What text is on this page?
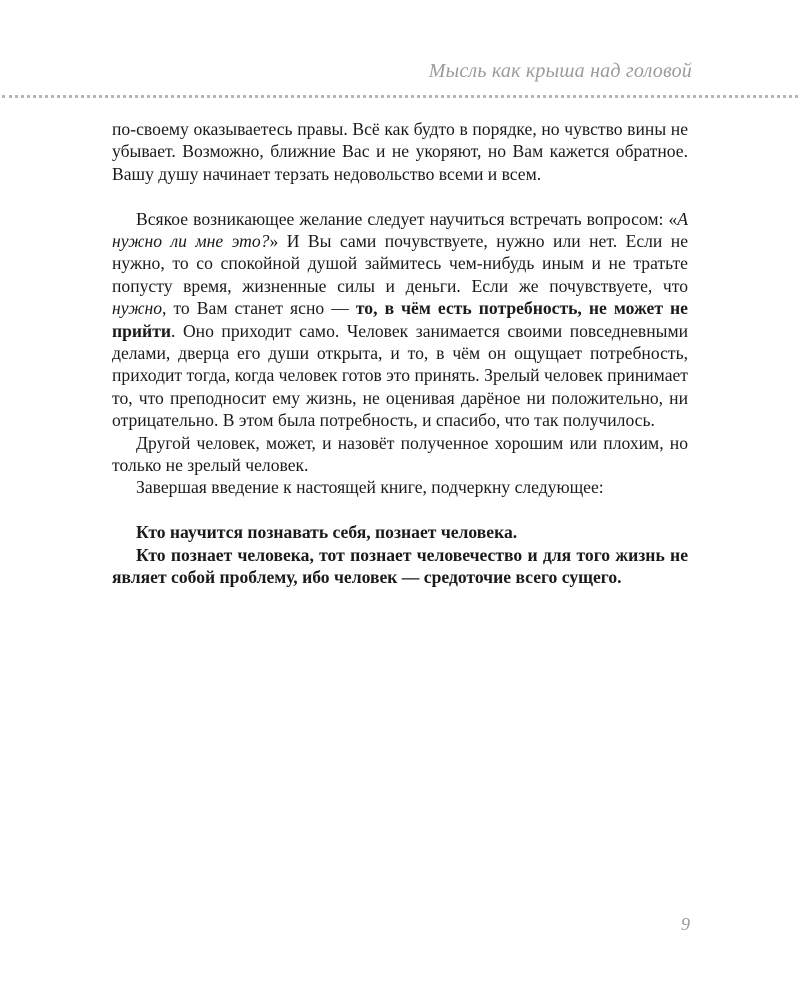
Мысль как крыша над головой

по-своему оказываетесь правы. Всё как будто в порядке, но чувство вины не убывает. Возможно, ближние Вас и не укоряют, но Вам кажется обратное. Вашу душу начинает терзать недовольство всеми и всем.

Всякое возникающее желание следует научиться встречать вопросом: «А нужно ли мне это?» И Вы сами почувствуете, нужно или нет. Если не нужно, то со спокойной душой займитесь чем-нибудь иным и не тратьте попусту время, жизненные силы и деньги. Если же почувствуете, что нужно, то Вам станет ясно — то, в чём есть потребность, не может не прийти. Оно приходит само. Человек занимается своими повседневными делами, дверца его души открыта, и то, в чём он ощущает потребность, приходит тогда, когда человек готов это принять. Зрелый человек принимает то, что преподносит ему жизнь, не оценивая дарёное ни положительно, ни отрицательно. В этом была потребность, и спасибо, что так получилось.

Другой человек, может, и назовёт полученное хорошим или плохим, но только не зрелый человек.

Завершая введение к настоящей книге, подчеркну следующее:

Кто научится познавать себя, познает человека.

Кто познает человека, тот познает человечество и для того жизнь не являет собой проблему, ибо человек — средоточие всего сущего.

9
